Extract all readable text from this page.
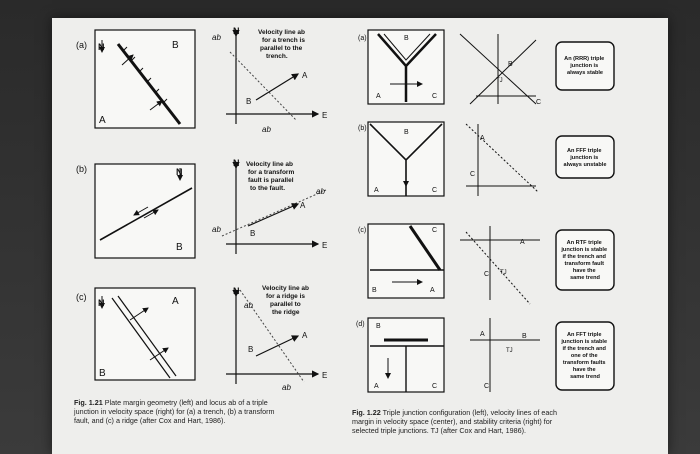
(a) N	B
A
(b)	N
B
(c)
N	A
B
N
E
A
B
ab
ab
Velocity line ab for a trench is parallel to the trench.
N
E
A
B
ab
ab
Velocity line ab for a transform fault is parallel to the fault.
N
E
A
B
ab
ab
Velocity line ab for a ridge is parallel to the ridge
(a)
A
B
C
B
C
TJ
An (RRR) triple junction is always stable
(b)
A
B
C
A
C
An FFF triple junction is always unstable
(c)
B
C
A
A
C TJ
An RTF triple junction is stable if the trench and transform fault have the same trend
(d) B
A	C
A	B
C
TJ
An FFT triple junction is stable if the trench and one of the transform faults have the same trend
Fig. 1.21 Plate margin geometry (left) and locus ab of a triple
junction in velocity space (right) for (a) a trench, (b) a transform
fault, and (c) a ridge (after Cox and Hart, 1986).
Fig. 1.22 Triple junction configuration (left), velocity lines of each
margin in velocity space (center), and stability criteria (right) for
selected triple junctions. TJ (after Cox and Hart, 1986).
